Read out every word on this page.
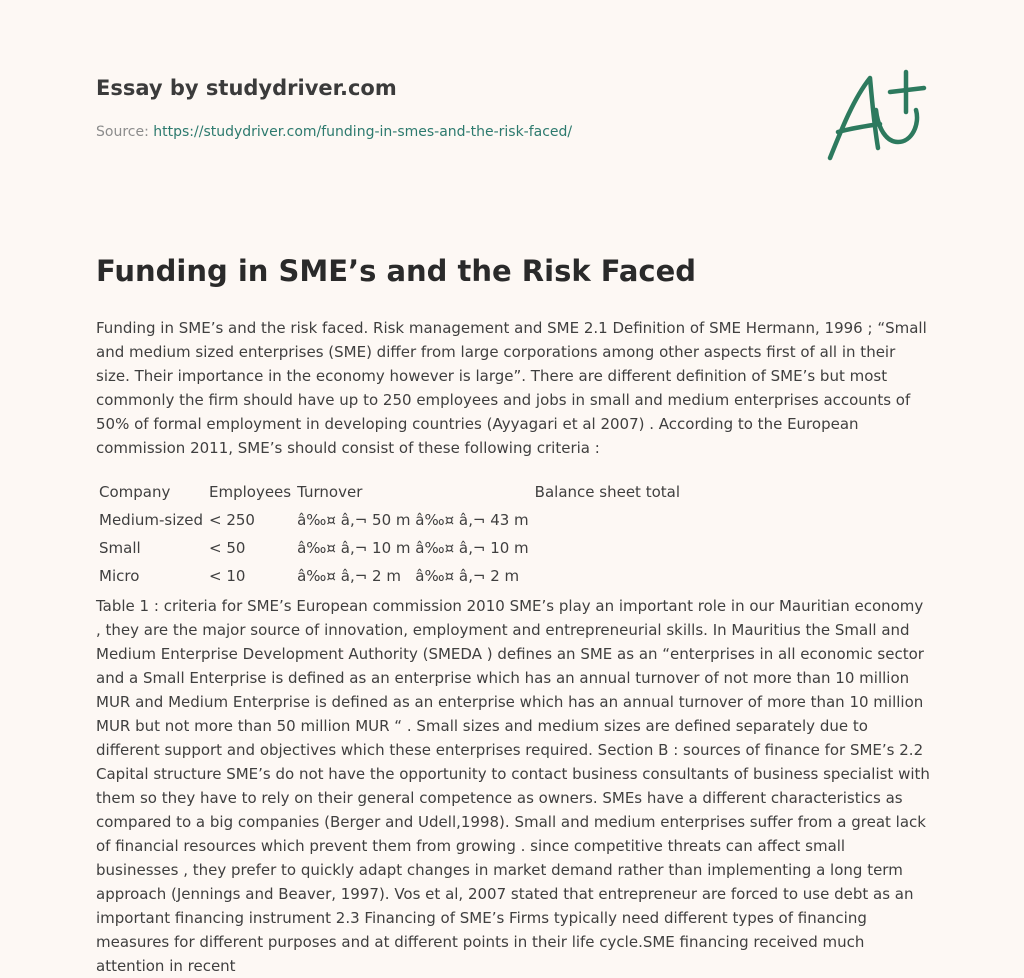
Essay by studydriver.com
Source: https://studydriver.com/funding-in-smes-and-the-risk-faced/
Funding in SME’s and the Risk Faced

Funding in SME’s and the risk faced. Risk management and SME 2.1 Definition of SME Hermann, 1996 ; “Small and medium sized enterprises (SME) differ from large corporations among other aspects first of all in their size. Their importance in the economy however is large”. There are different definition of SME’s but most commonly the firm should have up to 250 employees and jobs in small and medium enterprises accounts of 50% of formal employment in developing countries (Ayyagari et al 2007) . According to the European commission 2011, SME’s should consist of these following criteria :

Company	Employees	Turnover	Balance sheet total
Medium-sized	< 250	â‰¤ â‚¬ 50 m â‰¤ â‚¬ 43 m	
Small	< 50	â‰¤ â‚¬ 10 m â‰¤ â‚¬ 10 m	
Micro	< 10	â‰¤ â‚¬ 2 m   â‰¤ â‚¬ 2 m	

Table 1 : criteria for SME’s European commission 2010 SME’s play an important role in our Mauritian economy , they are the major source of innovation, employment and entrepreneurial skills. In Mauritius the Small and Medium Enterprise Development Authority (SMEDA ) defines an SME as an “enterprises in all economic sector and a Small Enterprise is defined as an enterprise which has an annual turnover of not more than 10 million MUR and Medium Enterprise is defined as an enterprise which has an annual turnover of more than 10 million MUR but not more than 50 million MUR “ . Small sizes and medium sizes are defined separately due to different support and objectives which these enterprises required. Section B : sources of finance for SME’s 2.2 Capital structure SME’s do not have the opportunity to contact business consultants of business specialist with them so they have to rely on their general competence as owners. SMEs have a different characteristics as compared to a big companies (Berger and Udell,1998). Small and medium enterprises suffer from a great lack of financial resources which prevent them from growing . since competitive threats can affect small businesses , they prefer to quickly adapt changes in market demand rather than implementing a long term approach (Jennings and Beaver, 1997). Vos et al, 2007 stated that entrepreneur are forced to use debt as an important financing instrument 2.3 Financing of SME’s Firms typically need different types of financing measures for different purposes and at different points in their life cycle.SME financing received much attention in recent
